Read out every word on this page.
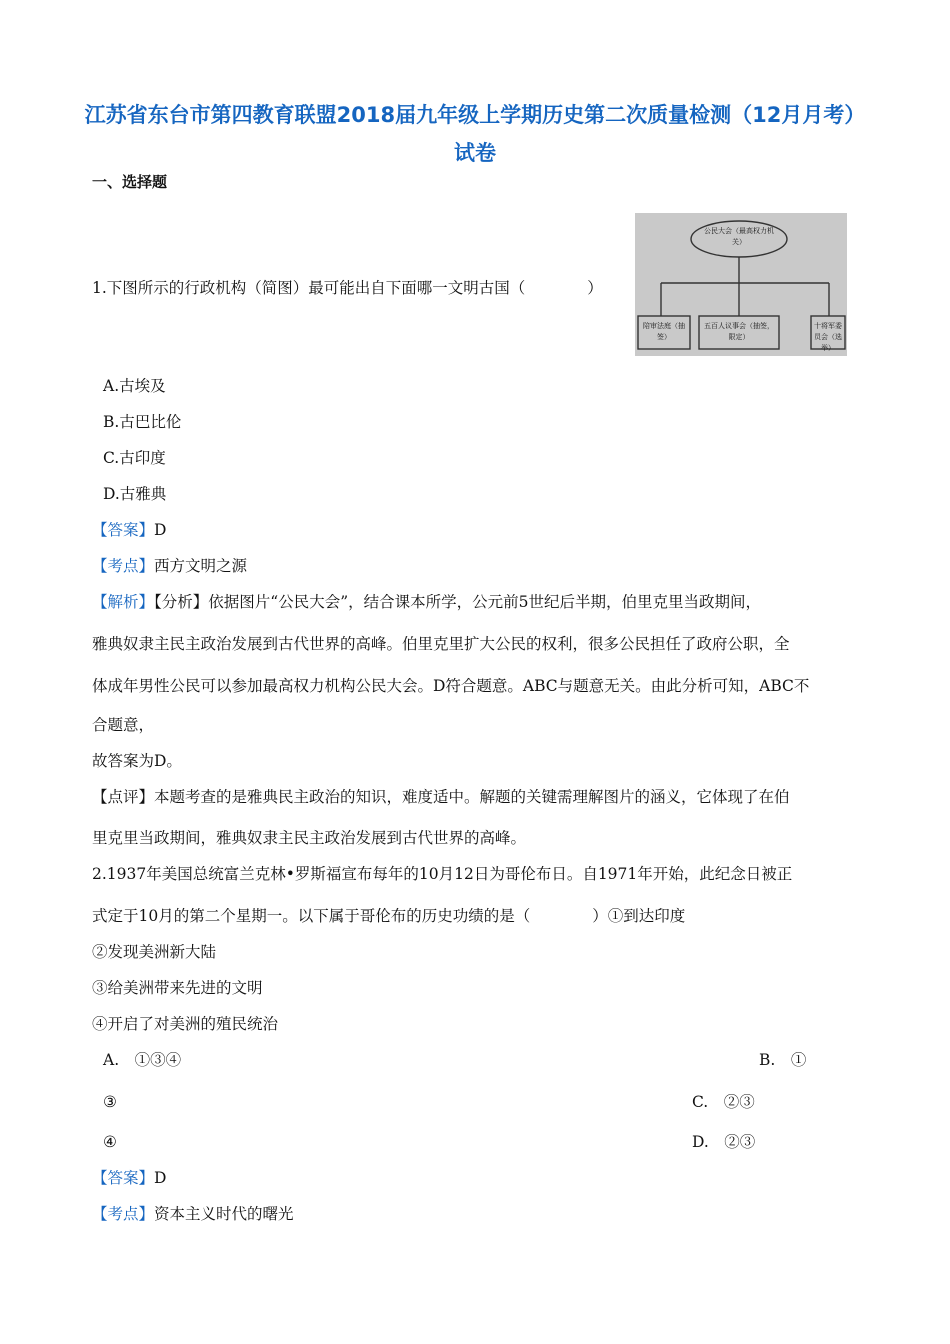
江苏省东台市第四教育联盟2018届九年级上学期历史第二次质量检测（12月月考）试卷
一、选择题
1.下图所示的行政机构（简图）最可能出自下面哪一文明古国（　　　　）
公民大会（最高权力机关）
陪审法庭（抽签）
五百人议事会（抽签，限定）
十将军委员会（选举）
A.古埃及
B.古巴比伦
C.古印度
D.古雅典
【答案】D
【考点】西方文明之源
【解析】【分析】依据图片“公民大会”，结合课本所学，公元前5世纪后半期，伯里克里当政期间，
雅典奴隶主民主政治发展到古代世界的高峰。伯里克里扩大公民的权利，很多公民担任了政府公职，全
体成年男性公民可以参加最高权力机构公民大会。D符合题意。ABC与题意无关。由此分析可知，ABC不
合题意，
故答案为D。
【点评】本题考查的是雅典民主政治的知识，难度适中。解题的关键需理解图片的涵义，它体现了在伯
里克里当政期间，雅典奴隶主民主政治发展到古代世界的高峰。
2.1937年美国总统富兰克林•罗斯福宣布每年的10月12日为哥伦布日。自1971年开始，此纪念日被正
式定于10月的第二个星期一。以下属于哥伦布的历史功绩的是（　　　　）①到达印度
②发现美洲新大陆
③给美洲带来先进的文明
④开启了对美洲的殖民统治
A.　①③④	B.　①
③	C.　②③
④	D.　②③
【答案】D
【考点】资本主义时代的曙光
